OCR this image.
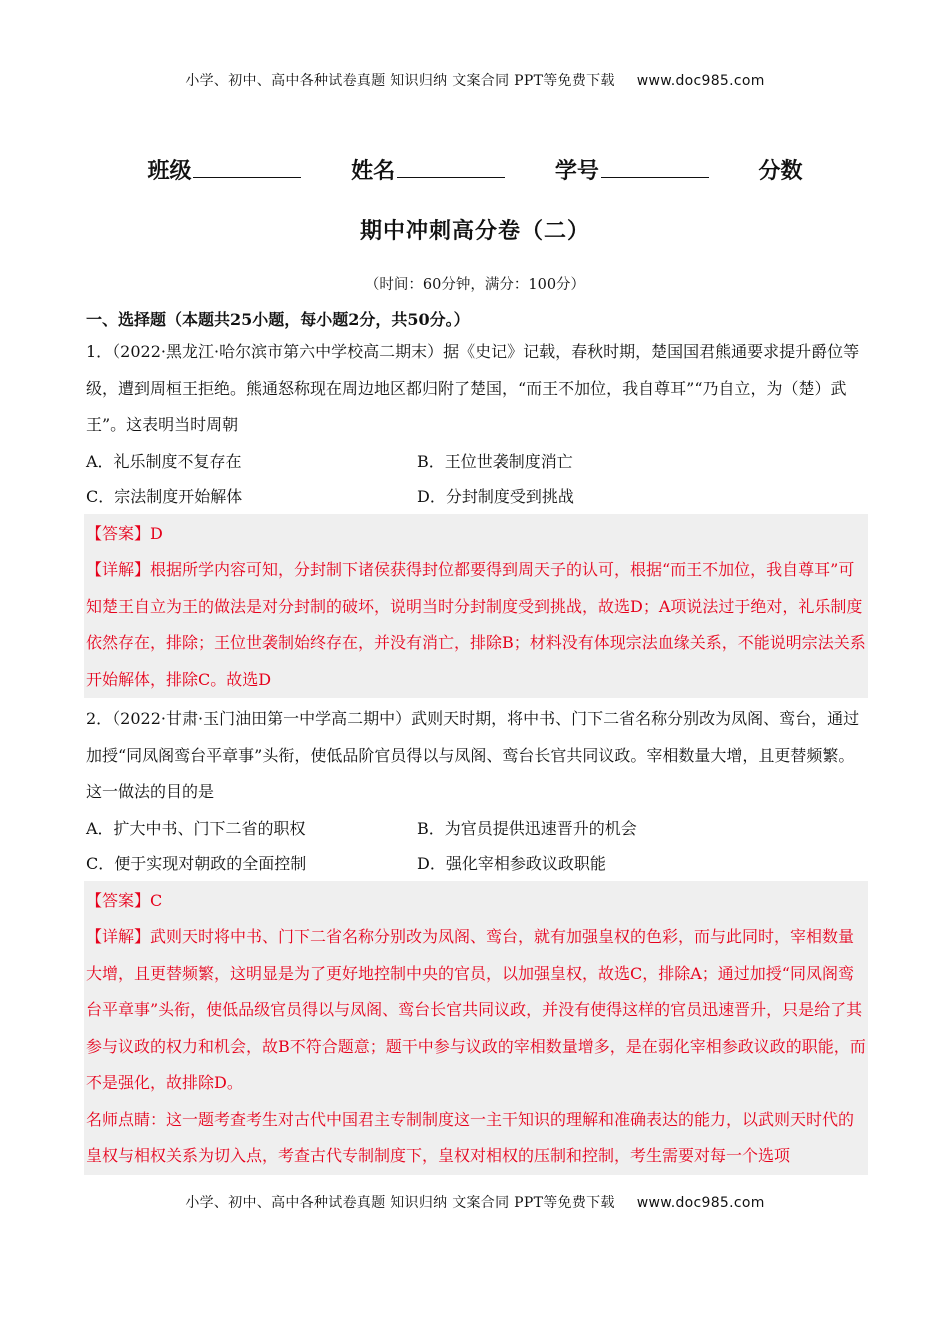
小学、初中、高中各种试卷真题 知识归纳 文案合同 PPT等免费下载 www.doc985.com
班级	姓名	学号	分数
期中冲刺高分卷（二）
（时间：60分钟，满分：100分）
一、选择题（本题共25小题，每小题2分，共50分。）

1．（2022·黑龙江·哈尔滨市第六中学校高二期末）据《史记》记载，春秋时期，楚国国君熊通要求提升爵位等级，遭到周桓王拒绝。熊通怒称现在周边地区都归附了楚国，“而王不加位，我自尊耳”“乃自立，为（楚）武王”。这表明当时周朝

A．礼乐制度不复存在	B．王位世袭制度消亡
C．宗法制度开始解体	D．分封制度受到挑战

【答案】D

【详解】根据所学内容可知，分封制下诸侯获得封位都要得到周天子的认可，根据“而王不加位，我自尊耳”可知楚王自立为王的做法是对分封制的破坏，说明当时分封制度受到挑战，故选D；A项说法过于绝对，礼乐制度依然存在，排除；王位世袭制始终存在，并没有消亡，排除B；材料没有体现宗法血缘关系，不能说明宗法关系开始解体，排除C。故选D

2．（2022·甘肃·玉门油田第一中学高二期中）武则天时期，将中书、门下二省名称分别改为凤阁、鸾台，通过加授“同凤阁鸾台平章事”头衔，使低品阶官员得以与凤阁、鸾台长官共同议政。宰相数量大增，且更替频繁。这一做法的目的是

A．扩大中书、门下二省的职权	B．为官员提供迅速晋升的机会
C．便于实现对朝政的全面控制	D．强化宰相参政议政职能

【答案】C

【详解】武则天时将中书、门下二省名称分别改为凤阁、鸾台，就有加强皇权的色彩，而与此同时，宰相数量大增，且更替频繁，这明显是为了更好地控制中央的官员，以加强皇权，故选C，排除A；通过加授“同凤阁鸾台平章事”头衔，使低品级官员得以与凤阁、鸾台长官共同议政，并没有使得这样的官员迅速晋升，只是给了其参与议政的权力和机会，故B不符合题意；题干中参与议政的宰相数量增多，是在弱化宰相参政议政的职能，而不是强化，故排除D。

名师点睛：这一题考查考生对古代中国君主专制制度这一主干知识的理解和准确表达的能力，以武则天时代的皇权与相权关系为切入点，考查古代专制制度下，皇权对相权的压制和控制，考生需要对每一个选项

小学、初中、高中各种试卷真题 知识归纳 文案合同 PPT等免费下载 www.doc985.com
